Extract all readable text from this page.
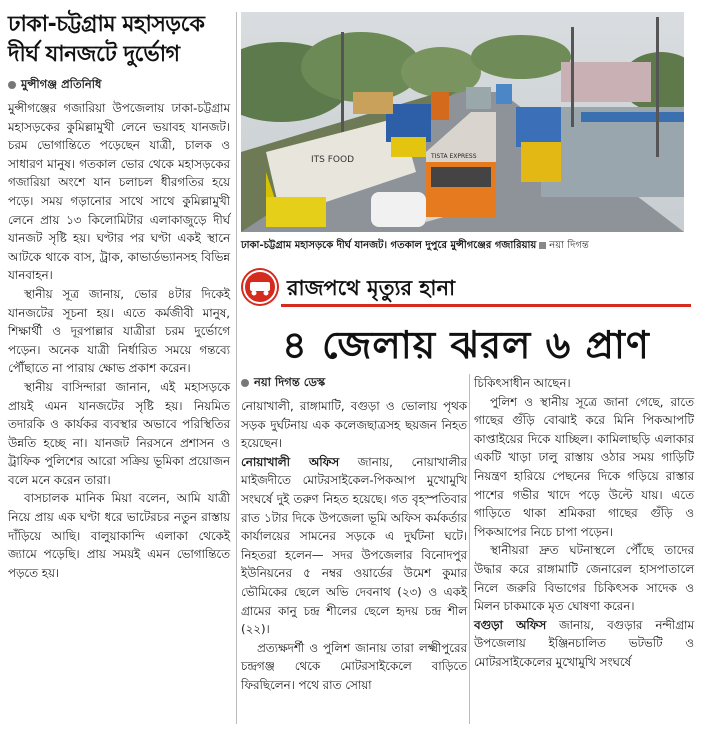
ঢাকা-চট্টগ্রাম মহাসড়কে দীর্ঘ যানজটে দুর্ভোগ
মুন্সীগঞ্জ প্রতিনিধি

মুন্সীগঞ্জের গজারিয়া উপজেলায় ঢাকা-চট্টগ্রাম মহাসড়কের কুমিল্লামুখী লেনে ভয়াবহ যানজট। চরম ভোগান্তিতে পড়েছেন যাত্রী, চালক ও সাধারণ মানুষ। গতকাল ভোর থেকে মহাসড়কের গজারিয়া অংশে যান চলাচল ধীরগতির হয়ে পড়ে। সময় গড়ানোর সাথে সাথে কুমিল্লামুখী লেনে প্রায় ১৩ কিলোমিটার এলাকাজুড়ে দীর্ঘ যানজট সৃষ্টি হয়। ঘণ্টার পর ঘণ্টা একই স্থানে আটকে থাকে বাস, ট্রাক, কাভার্ডভ্যানসহ বিভিন্ন যানবাহন।

স্থানীয় সূত্র জানায়, ভোর ৪টার দিকেই যানজটের সূচনা হয়। এতে কর্মজীবী মানুষ, শিক্ষার্থী ও দূরপাল্লার যাত্রীরা চরম দুর্ভোগে পড়েন। অনেক যাত্রী নির্ধারিত সময়ে গন্তব্যে পৌঁছাতে না পারায় ক্ষোভ প্রকাশ করেন।

স্থানীয় বাসিন্দারা জানান, এই মহাসড়কে প্রায়ই এমন যানজটের সৃষ্টি হয়। নিয়মিত তদারকি ও কার্যকর ব্যবস্থার অভাবে পরিস্থিতির উন্নতি হচ্ছে না। যানজট নিরসনে প্রশাসন ও ট্রাফিক পুলিশের আরো সক্রিয় ভূমিকা প্রয়োজন বলে মনে করেন তারা।

বাসচালক মানিক মিয়া বলেন, আমি যাত্রী নিয়ে প্রায় এক ঘণ্টা ধরে ভাটেরচর নতুন রাস্তায় দাঁড়িয়ে আছি। বালুয়াকান্দি এলাকা থেকেই জ্যামে পড়েছি। প্রায় সময়ই এমন ভোগান্তিতে পড়তে হয়।

ITS FOOD	TISTA EXPRESS
ঢাকা-চট্টগ্রাম মহাসড়কে দীর্ঘ যানজট। গতকাল দুপুরে মুন্সীগঞ্জের গজারিয়ায় নয়া দিগন্ত
রাজপথে মৃত্যুর হানা
৪ জেলায় ঝরল ৬ প্রাণ
নয়া দিগন্ত ডেস্ক

নোয়াখালী, রাঙ্গামাটি, বগুড়া ও ভোলায় পৃথক সড়ক দুর্ঘটনায় এক কলেজছাত্রসহ ছয়জন নিহত হয়েছেন।

নোয়াখালী অফিস জানায়, নোয়াখালীর মাইজদীতে মোটরসাইকেল-পিকআপ মুখোমুখি সংঘর্ষে দুই তরুণ নিহত হয়েছে। গত বৃহস্পতিবার রাত ১টার দিকে উপজেলা ভূমি অফিস কর্মকর্তার কার্যালয়ের সামনের সড়কে এ দুর্ঘটনা ঘটে। নিহতরা হলেন— সদর উপজেলার বিনোদপুর ইউনিয়নের ৫ নম্বর ওয়ার্ডের উমেশ কুমার ভৌমিকের ছেলে অভি দেবনাথ (২৩) ও একই গ্রামের কানু চন্দ্র শীলের ছেলে হৃদয় চন্দ্র শীল (২২)।

প্রত্যক্ষদর্শী ও পুলিশ জানায় তারা লক্ষ্মীপুরের চন্দ্রগঞ্জ থেকে মোটরসাইকেলে বাড়িতে ফিরছিলেন। পথে রাত সোয়া

চিকিৎসাধীন আছেন।

পুলিশ ও স্থানীয় সূত্রে জানা গেছে, রাতে গাছের গুঁড়ি বোঝাই করে মিনি পিকআপটি কাপ্তাইয়ের দিকে যাচ্ছিল। কামিলাছড়ি এলাকার একটি খাড়া ঢালু রাস্তায় ওঠার সময় গাড়িটি নিয়ন্ত্রণ হারিয়ে পেছনের দিকে গড়িয়ে রাস্তার পাশের গভীর খাদে পড়ে উল্টে যায়। এতে গাড়িতে থাকা শ্রমিকরা গাছের গুঁড়ি ও পিকআপের নিচে চাপা পড়েন।

স্থানীয়রা দ্রুত ঘটনাস্থলে পৌঁছে তাদের উদ্ধার করে রাঙ্গামাটি জেনারেল হাসপাতালে নিলে জরুরি বিভাগের চিকিৎসক সাদেক ও মিলন চাকমাকে মৃত ঘোষণা করেন।

বগুড়া অফিস জানায়, বগুড়ার নন্দীগ্রাম উপজেলায় ইঞ্জিনচালিত ভটভটি ও মোটরসাইকেলের মুখোমুখি সংঘর্ষে
